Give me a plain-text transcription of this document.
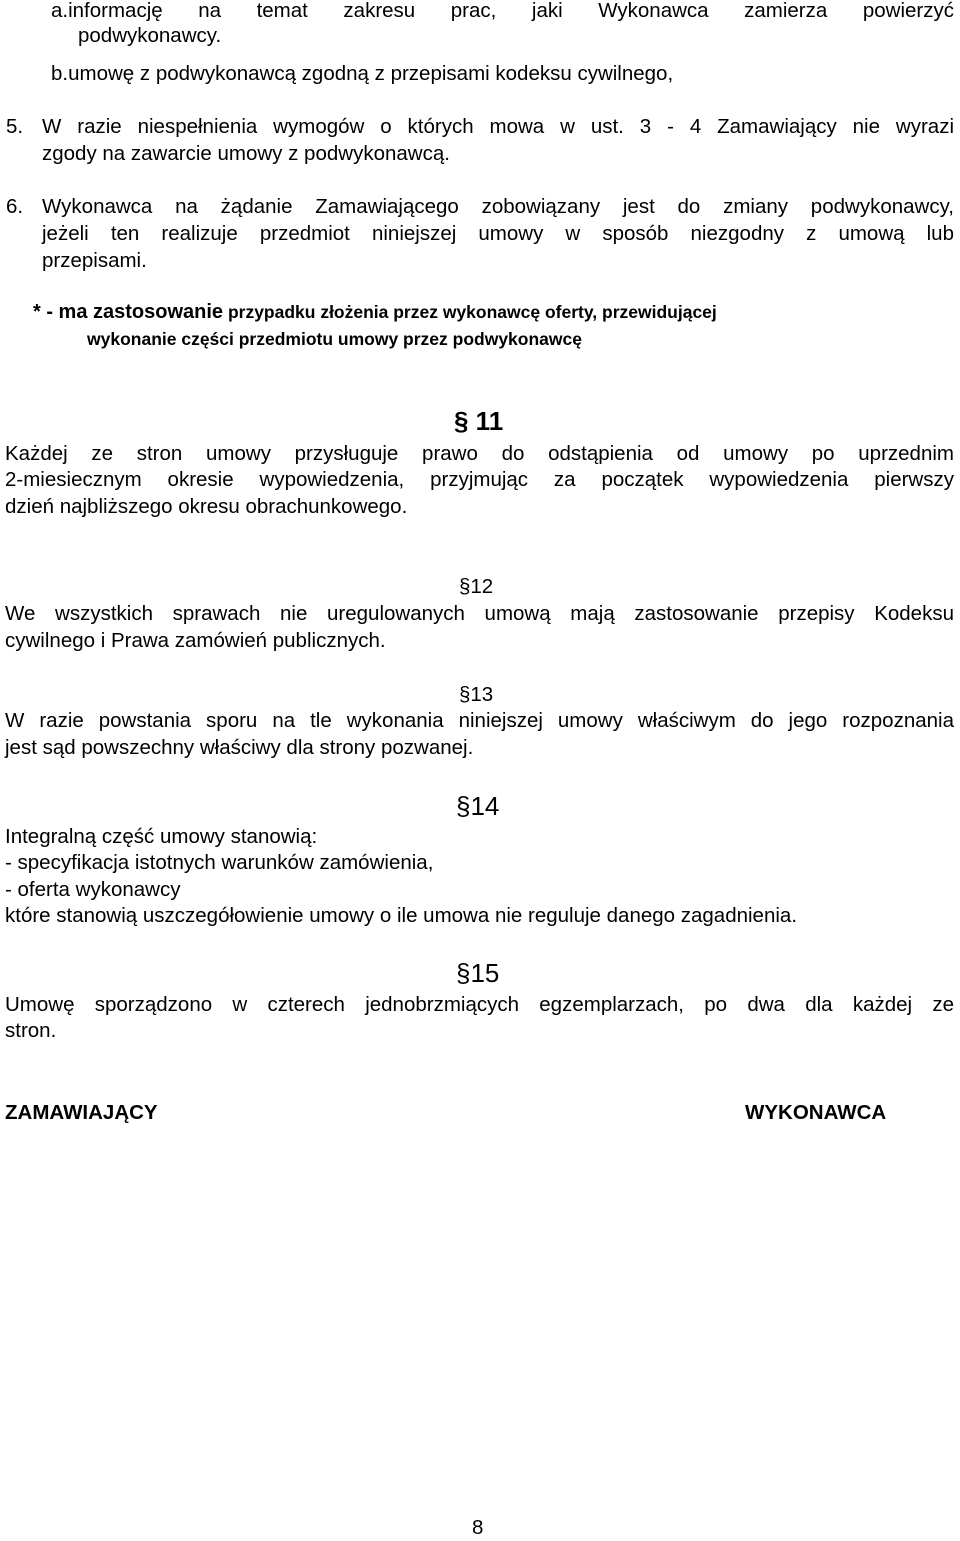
a.informację na temat zakresu prac, jaki Wykonawca zamierza powierzyć
podwykonawcy.
b.umowę z podwykonawcą zgodną z przepisami kodeksu cywilnego,
5. W razie niespełnienia wymogów o których mowa w ust. 3 - 4 Zamawiający nie wyrazi
zgody na zawarcie umowy z podwykonawcą.
6. Wykonawca na żądanie Zamawiającego zobowiązany jest do zmiany podwykonawcy,
jeżeli ten realizuje przedmiot niniejszej umowy w sposób niezgodny z umową lub
przepisami.
* - ma zastosowanie przypadku złożenia przez wykonawcę oferty, przewidującej
wykonanie części przedmiotu umowy przez podwykonawcę
§ 11
Każdej ze stron umowy przysługuje prawo do odstąpienia od umowy po uprzednim
2-miesiecznym okresie wypowiedzenia, przyjmując za początek wypowiedzenia pierwszy
dzień najbliższego okresu obrachunkowego.
§12
We wszystkich sprawach nie uregulowanych umową mają zastosowanie przepisy Kodeksu
cywilnego i Prawa zamówień publicznych.
§13
W razie powstania sporu na tle wykonania niniejszej umowy właściwym do jego rozpoznania
jest sąd powszechny właściwy dla strony pozwanej.
§14
Integralną część umowy stanowią:
- specyfikacja istotnych warunków zamówienia,
- oferta wykonawcy
które stanowią uszczegółowienie umowy o ile umowa nie reguluje danego zagadnienia.
§15
Umowę sporządzono w czterech jednobrzmiących egzemplarzach, po dwa dla każdej ze
stron.
ZAMAWIAJĄCY	WYKONAWCA
8
